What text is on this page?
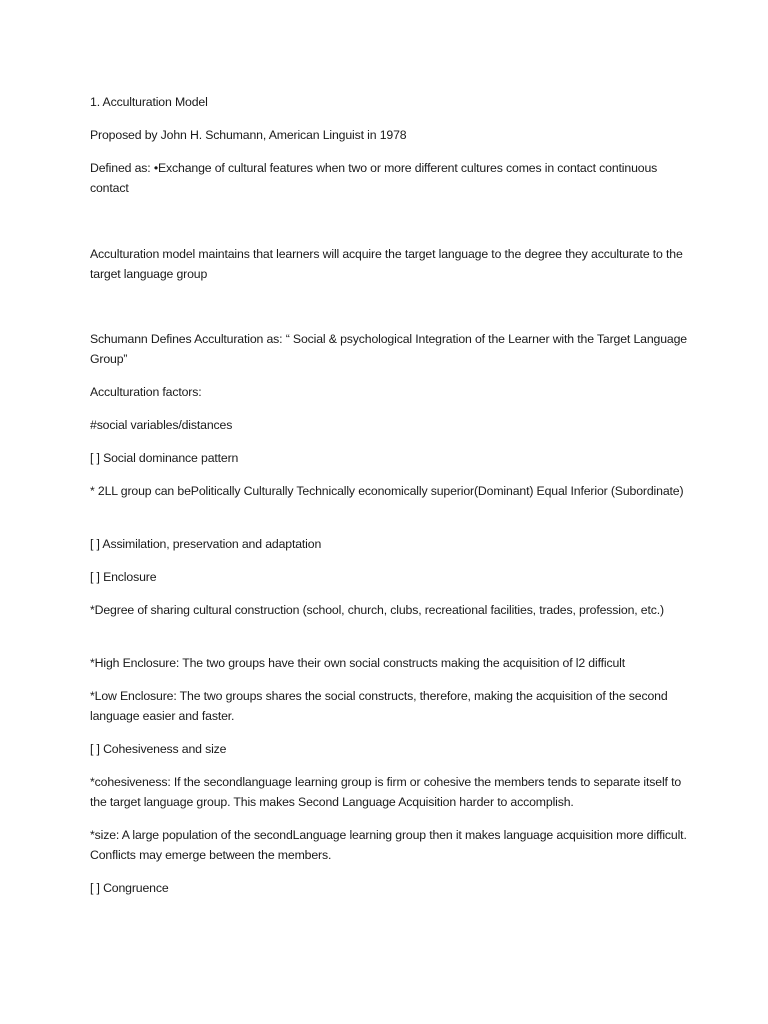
1. Acculturation Model

Proposed by John H. Schumann, American Linguist in 1978

Defined as: •Exchange of cultural features when two or more different cultures comes in contact continuous contact

Acculturation model maintains that learners will acquire the target language to the degree they acculturate to the target language group

Schumann Defines Acculturation as: “ Social & psychological Integration of the Learner with the Target Language Group”

Acculturation factors:

#social variables/distances

[ ] Social dominance pattern

* 2LL group can bePolitically Culturally Technically economically superior(Dominant) Equal Inferior (Subordinate)

[ ] Assimilation, preservation and adaptation

[ ] Enclosure

*Degree of sharing cultural construction (school, church, clubs, recreational facilities, trades, profession, etc.)

*High Enclosure: The two groups have their own social constructs making the acquisition of l2 difficult

*Low Enclosure: The two groups shares the social constructs, therefore, making the acquisition of the second language easier and faster.

[ ] Cohesiveness and size

*cohesiveness: If the secondlanguage learning group is firm or cohesive the members tends to separate itself to the target language group. This makes Second Language Acquisition harder to accomplish.

*size: A large population of the secondLanguage learning group then it makes language acquisition more difficult. Conflicts may emerge between the members.

[ ] Congruence
